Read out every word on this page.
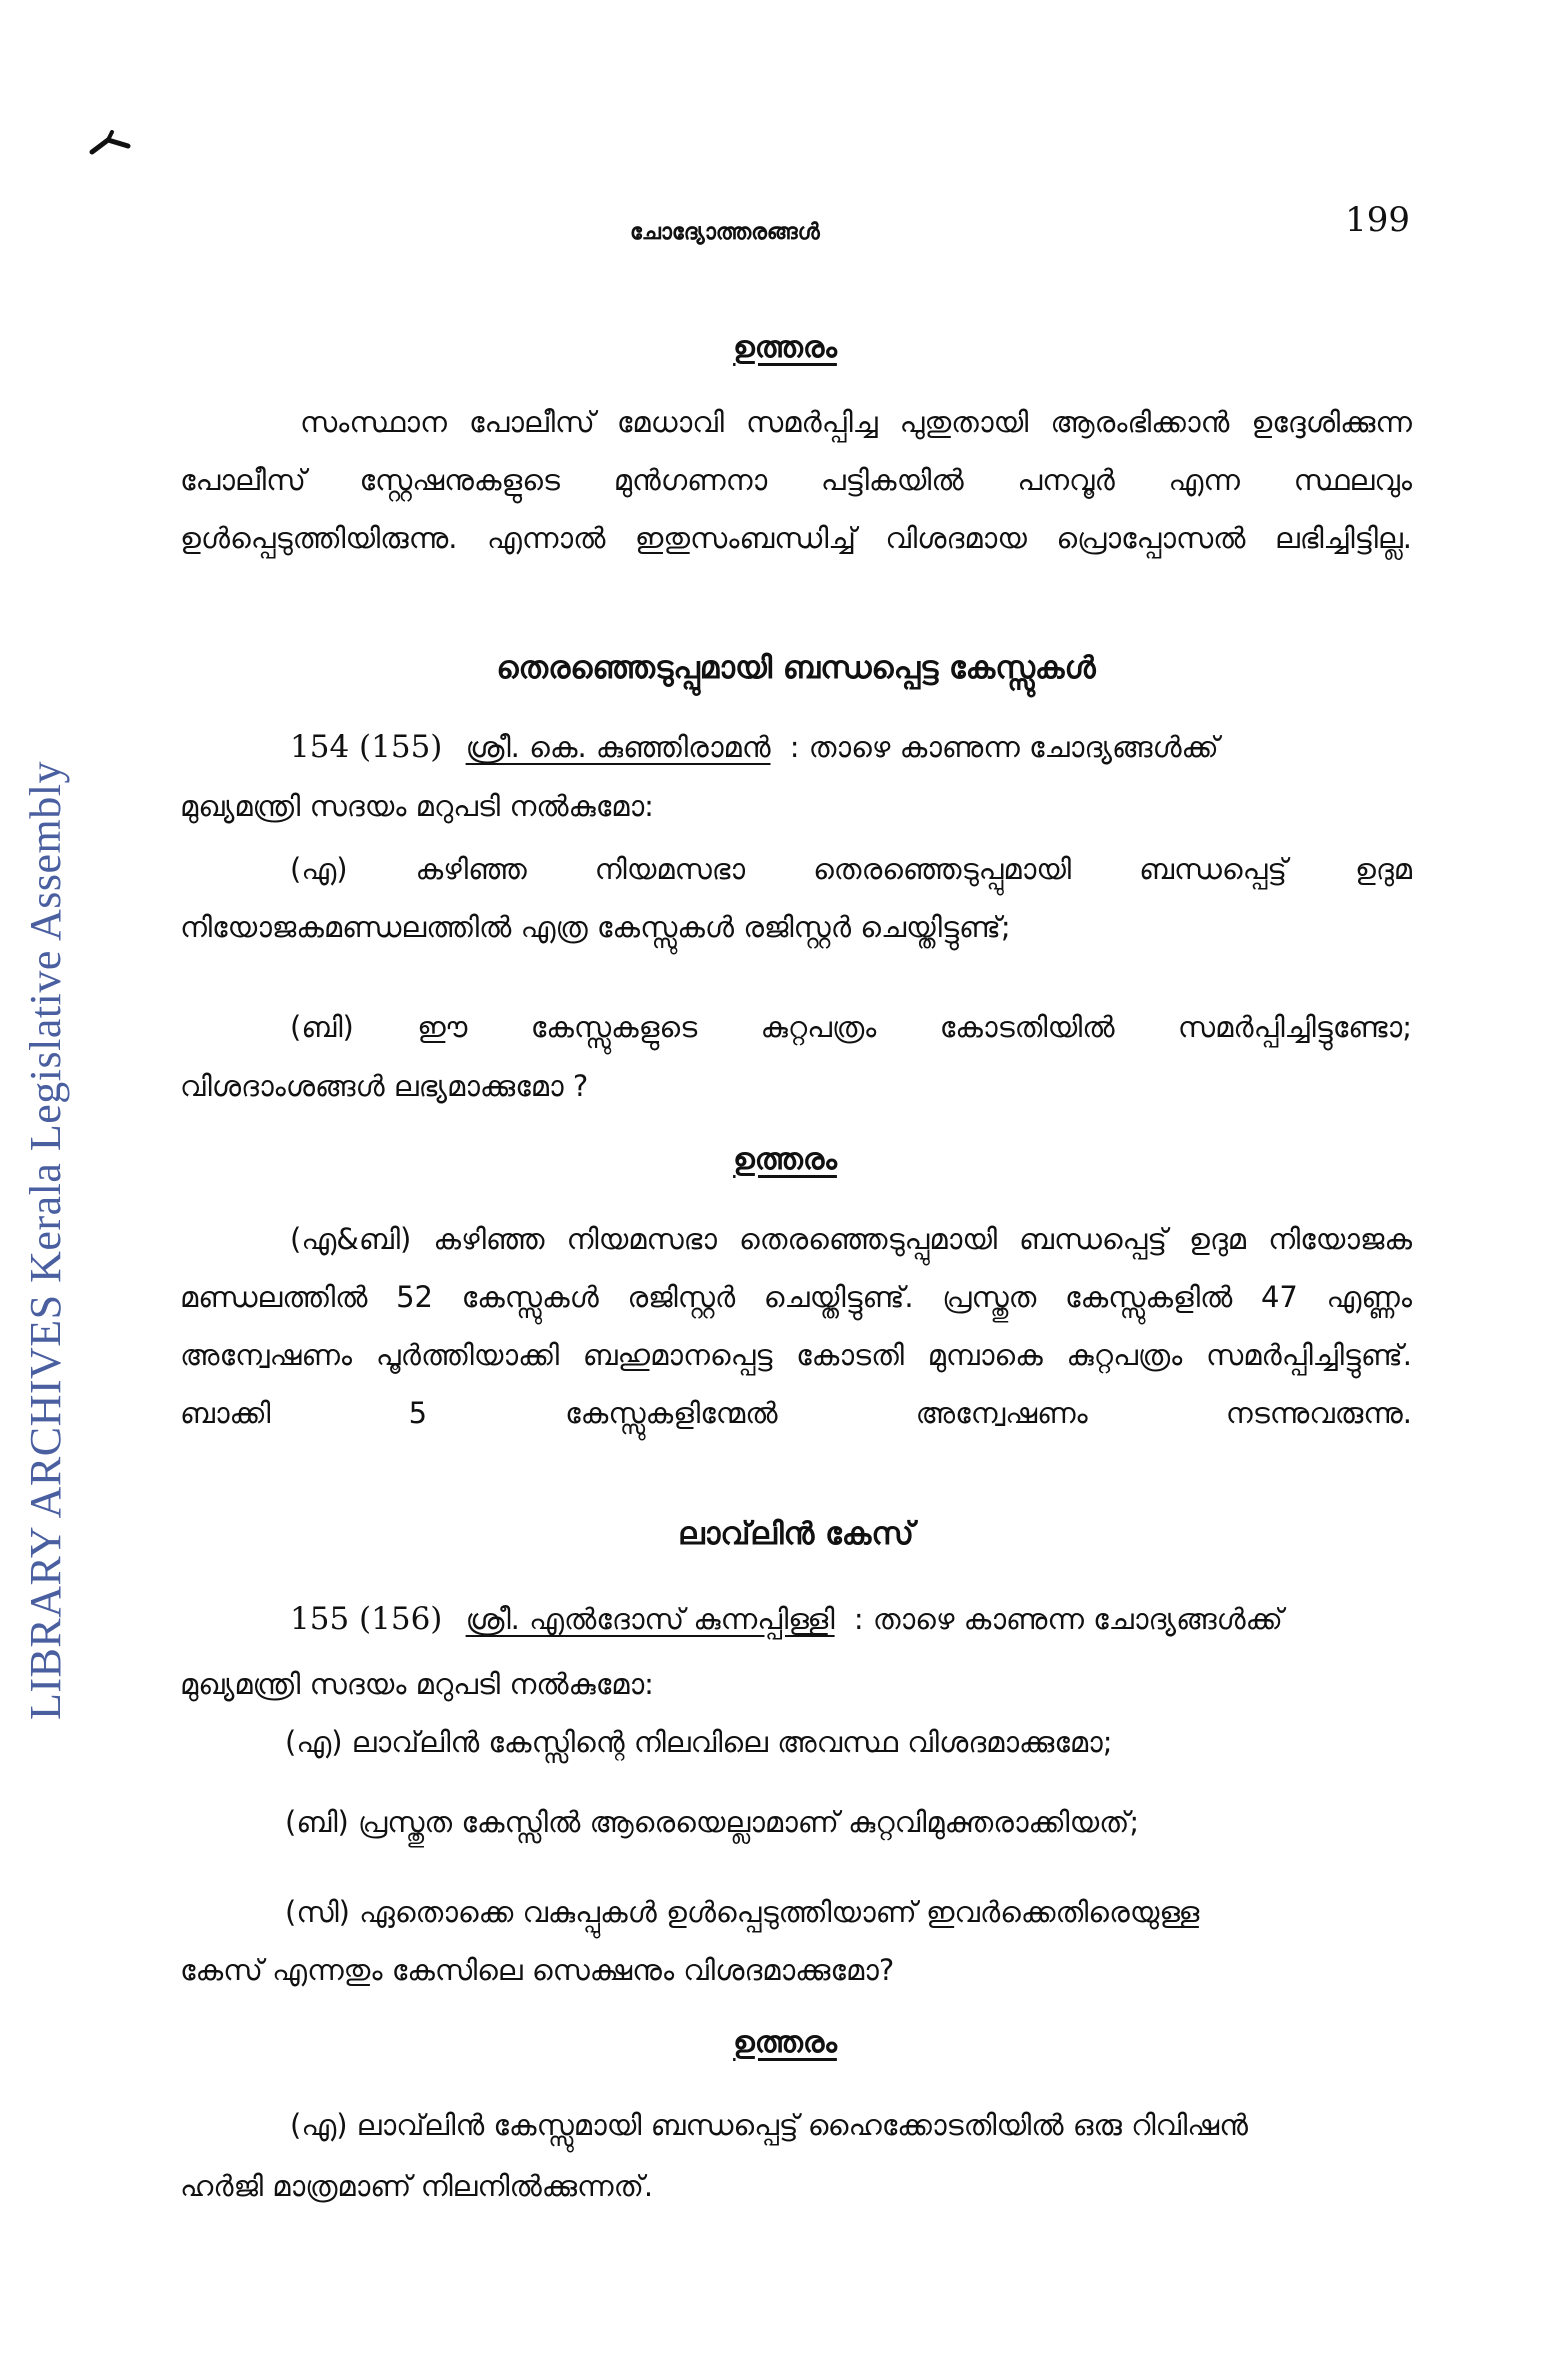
LIBRARY ARCHIVES Kerala Legislative Assembly
ചോദ്യോത്തരങ്ങൾ	199
ഉത്തരം
സംസ്ഥാന പോലീസ് മേധാവി സമർപ്പിച്ച പുതുതായി ആരംഭിക്കാൻ ഉദ്ദേശിക്കുന്ന പോലീസ് സ്റ്റേഷനുകളുടെ മുൻഗണനാ പട്ടികയിൽ പനവൂർ എന്ന സ്ഥലവും ഉൾപ്പെടുത്തിയിരുന്നു. എന്നാൽ ഇതുസംബന്ധിച്ച് വിശദമായ പ്രൊപ്പോസൽ ലഭിച്ചിട്ടില്ല.
തെരഞ്ഞെടുപ്പുമായി ബന്ധപ്പെട്ട കേസ്സുകൾ
154 (155) ശ്രീ. കെ. കുഞ്ഞിരാമൻ : താഴെ കാണുന്ന ചോദ്യങ്ങൾക്ക്
മുഖ്യമന്ത്രി സദയം മറുപടി നൽകുമോ:
(എ) കഴിഞ്ഞ നിയമസഭാ തെരഞ്ഞെടുപ്പുമായി ബന്ധപ്പെട്ട് ഉദുമ
നിയോജകമണ്ഡലത്തിൽ എത്ര കേസ്സുകൾ രജിസ്റ്റർ ചെയ്തിട്ടുണ്ട്;
(ബി) ഈ കേസ്സുകളുടെ കുറ്റപത്രം കോടതിയിൽ സമർപ്പിച്ചിട്ടുണ്ടോ;
വിശദാംശങ്ങൾ ലഭ്യമാക്കുമോ ?
ഉത്തരം
(എ&ബി) കഴിഞ്ഞ നിയമസഭാ തെരഞ്ഞെടുപ്പുമായി ബന്ധപ്പെട്ട് ഉദുമ നിയോജക മണ്ഡലത്തിൽ 52 കേസ്സുകൾ രജിസ്റ്റർ ചെയ്തിട്ടുണ്ട്. പ്രസ്തുത കേസ്സുകളിൽ 47 എണ്ണം അന്വേഷണം പൂർത്തിയാക്കി ബഹുമാനപ്പെട്ട കോടതി മുമ്പാകെ കുറ്റപത്രം സമർപ്പിച്ചിട്ടുണ്ട്. ബാക്കി 5 കേസ്സുകളിന്മേൽ അന്വേഷണം നടന്നുവരുന്നു.
ലാവ്‌ലിൻ കേസ്
155 (156) ശ്രീ. എൽദോസ് കുന്നപ്പിള്ളി : താഴെ കാണുന്ന ചോദ്യങ്ങൾക്ക്
മുഖ്യമന്ത്രി സദയം മറുപടി നൽകുമോ:
(എ) ലാവ്‌ലിൻ കേസ്സിന്റെ നിലവിലെ അവസ്ഥ വിശദമാക്കുമോ;
(ബി) പ്രസ്തുത കേസ്സിൽ ആരെയെല്ലാമാണ് കുറ്റവിമുക്തരാക്കിയത്;
(സി) ഏതൊക്കെ വകുപ്പുകൾ ഉൾപ്പെടുത്തിയാണ് ഇവർക്കെതിരെയുള്ള
കേസ് എന്നതും കേസിലെ സെക്ഷനും വിശദമാക്കുമോ?
ഉത്തരം
(എ) ലാവ്‌ലിൻ കേസ്സുമായി ബന്ധപ്പെട്ട് ഹൈക്കോടതിയിൽ ഒരു റിവിഷൻ
ഹർജി മാത്രമാണ് നിലനിൽക്കുന്നത്.
